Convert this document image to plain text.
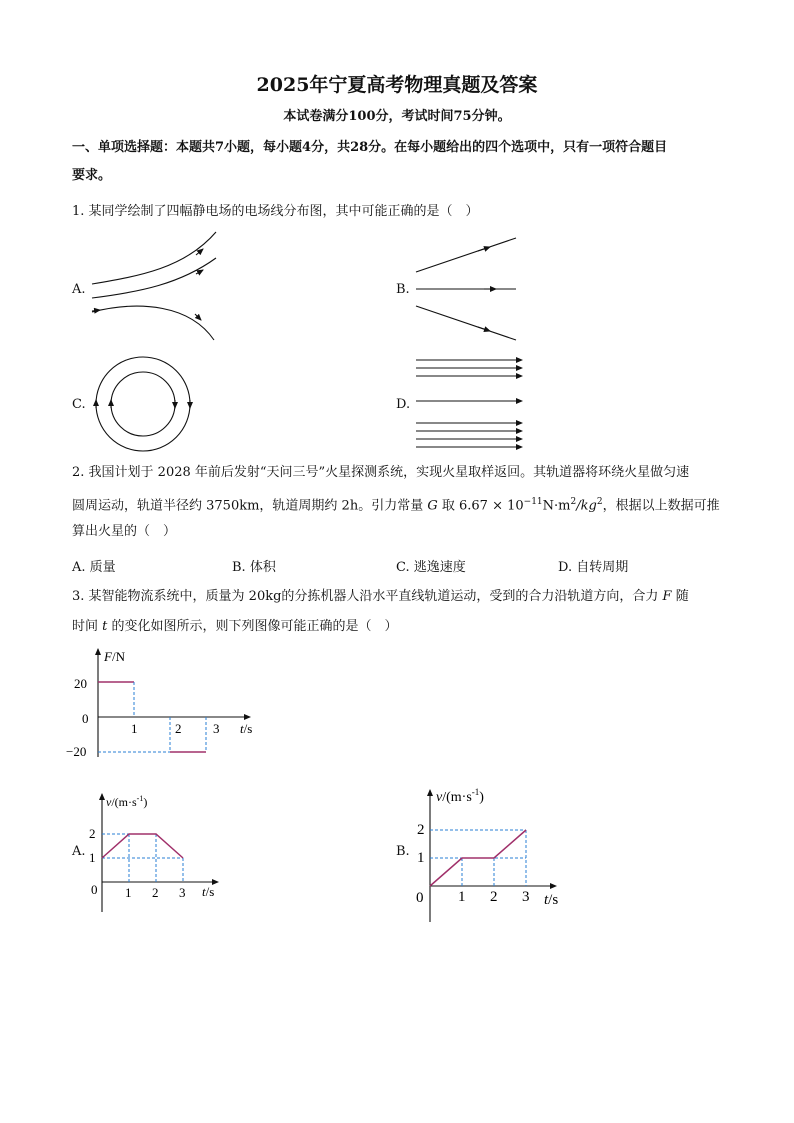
2025年宁夏高考物理真题及答案
本试卷满分100分，考试时间75分钟。
一、单项选择题：本题共7小题，每小题4分，共28分。在每小题给出的四个选项中，只有一项符合题目
要求。
1. 某同学绘制了四幅静电场的电场线分布图，其中可能正确的是（　）
A.	B.
C.	D.
2. 我国计划于 2028 年前后发射“天问三号”火星探测系统，实现火星取样返回。其轨道器将环绕火星做匀速
圆周运动，轨道半径约 3750km，轨道周期约 2h。引力常量 G 取 $6.67 \times 10^{-11}N\cdot m^2/kg^2$，根据以上数据可推
算出火星的（　）
A. 质量	B. 体积	C. 逃逸速度	D. 自转周期
3. 某智能物流系统中，质量为 20kg的分拣机器人沿水平直线轨道运动，受到的合力沿轨道方向，合力 F 随
时间 t 的变化如图所示，则下列图像可能正确的是（　）
F/N
t/s
20
0
−20
1	2 3
A.	B.
$v/(m\cdot s^{-1})$
t/s
0
1
2
1 2 3
$v/(m\cdot s^{-1})$
t/s
0
1
2
1 2 3
